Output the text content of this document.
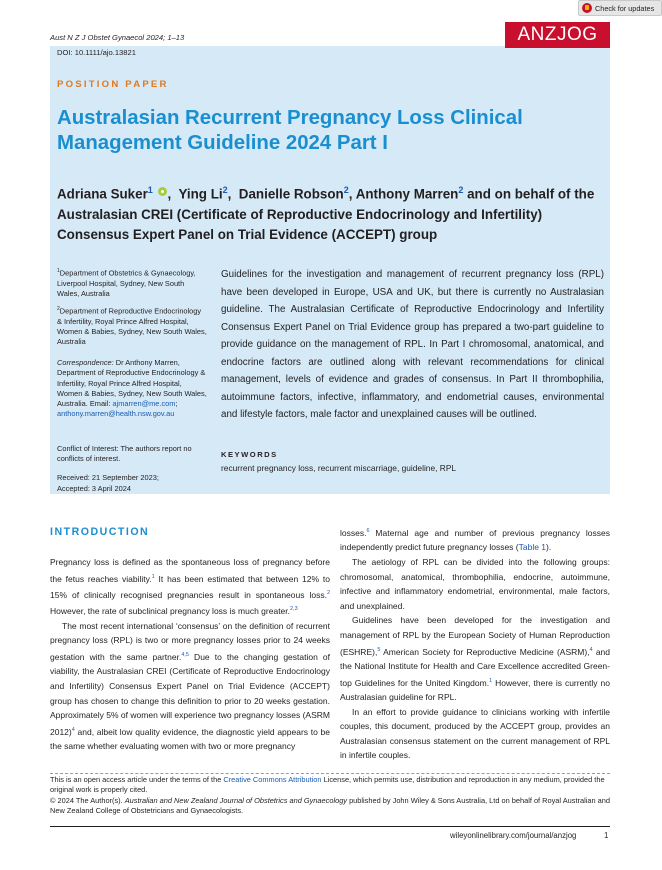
Aust N Z J Obstet Gynaecol 2024; 1–13	ANZJOG
Check for updates
DOI: 10.1111/ajo.13821
POSITION PAPER
Australasian Recurrent Pregnancy Loss Clinical Management Guideline 2024 Part I
Adriana Suker$^1$ ,  Ying Li$^2$,  Danielle Robson$^2$, Anthony Marren$^2$ and on behalf of the Australasian CREI (Certificate of Reproductive Endocrinology and Infertility) Consensus Expert Panel on Trial Evidence (ACCEPT) group
$^1$Department of Obstetrics & Gynaecology, Liverpool Hospital, Sydney, New South Wales, Australia
$^2$Department of Reproductive Endocrinology & Infertility, Royal Prince Alfred Hospital, Women & Babies, Sydney, New South Wales, Australia
Correspondence: Dr Anthony Marren, Department of Reproductive Endocrinology & Infertility, Royal Prince Alfred Hospital, Women & Babies, Sydney, New South Wales, Australia. Email: ajmarren@me.com; anthony.marren@health.nsw.gov.au
Conflict of Interest: The authors report no conflicts of interest.
Received: 21 September 2023;
Accepted: 3 April 2024
Guidelines for the investigation and management of recurrent pregnancy loss (RPL) have been developed in Europe, USA and UK, but there is currently no Australasian guideline. The Australasian Certificate of Reproductive Endocrinology and Infertility Consensus Expert Panel on Trial Evidence group has prepared a two-part guideline to provide guidance on the management of RPL. In Part I chromosomal, anatomical, and endocrine factors are outlined along with relevant recommendations for clinical management, levels of evidence and grades of consensus. In Part II thrombophilia, autoimmune factors, infective, inflammatory, and endometrial causes, environmental and lifestyle factors, male factor and unexplained causes will be outlined.
KEYWORDS
recurrent pregnancy loss, recurrent miscarriage, guideline, RPL
INTRODUCTION

Pregnancy loss is defined as the spontaneous loss of pregnancy before the fetus reaches viability.$^1$ It has been estimated that between 12% to 15% of clinically recognised pregnancies result in spontaneous loss.$^2$ However, the rate of subclinical pregnancy loss is much greater.$^{2,3}$

The most recent international ‘consensus’ on the definition of recurrent pregnancy loss (RPL) is two or more pregnancy losses prior to 24 weeks gestation with the same partner.$^{4,5}$ Due to the changing gestation of viability, the Australasian CREI (Certificate of Reproductive Endocrinology and Infertility) Consensus Expert Panel on Trial Evidence (ACCEPT) group has chosen to change this definition to prior to 20 weeks gestation. Approximately 5% of women will experience two pregnancy losses (ASRM 2012)$^4$ and, albeit low quality evidence, the diagnostic yield appears to be the same whether evaluating women with two or more pregnancy

losses.$^6$ Maternal age and number of previous pregnancy losses independently predict future pregnancy losses (Table 1).

The aetiology of RPL can be divided into the following groups: chromosomal, anatomical, thrombophilia, endocrine, autoimmune, infective and inflammatory endometrial, environmental, male factors, and unexplained.

Guidelines have been developed for the investigation and management of RPL by the European Society of Human Reproduction (ESHRE),$^5$ American Society for Reproductive Medicine (ASRM),$^4$ and the National Institute for Health and Care Excellence accredited Green-top Guidelines for the United Kingdom.$^1$ However, there is currently no Australasian guideline for RPL.

In an effort to provide guidance to clinicians working with infertile couples, this document, produced by the ACCEPT group, provides an Australasian consensus statement on the current management of RPL in infertile couples.

This is an open access article under the terms of the Creative Commons Attribution License, which permits use, distribution and reproduction in any medium, provided the original work is properly cited.
© 2024 The Author(s). Australian and New Zealand Journal of Obstetrics and Gynaecology published by John Wiley & Sons Australia, Ltd on behalf of Royal Australian and New Zealand College of Obstetricians and Gynaecologists.
wileyonlinelibrary.com/journal/anzjog	1
